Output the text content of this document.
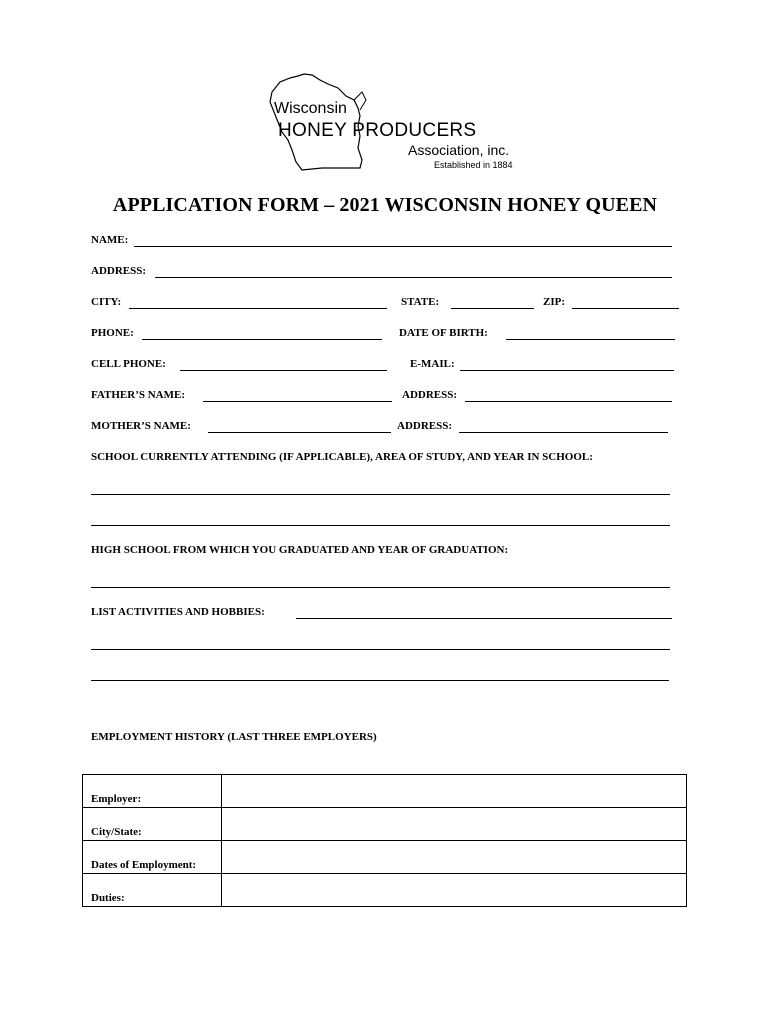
Wisconsin
HONEY PRODUCERS
Association, inc.
Established in 1884
APPLICATION FORM – 2021 WISCONSIN HONEY QUEEN
NAME:
ADDRESS:
CITY:	STATE:	ZIP:
PHONE:	DATE OF BIRTH:
CELL PHONE:	E-MAIL:
FATHER’S NAME:	ADDRESS:
MOTHER’S NAME:	ADDRESS:
SCHOOL CURRENTLY ATTENDING (IF APPLICABLE), AREA OF STUDY, AND YEAR IN SCHOOL:
HIGH SCHOOL FROM WHICH YOU GRADUATED AND YEAR OF GRADUATION:
LIST ACTIVITIES AND HOBBIES:
EMPLOYMENT HISTORY (LAST THREE EMPLOYERS)
Employer:	
City/State:	
Dates of Employment:	
Duties:	
